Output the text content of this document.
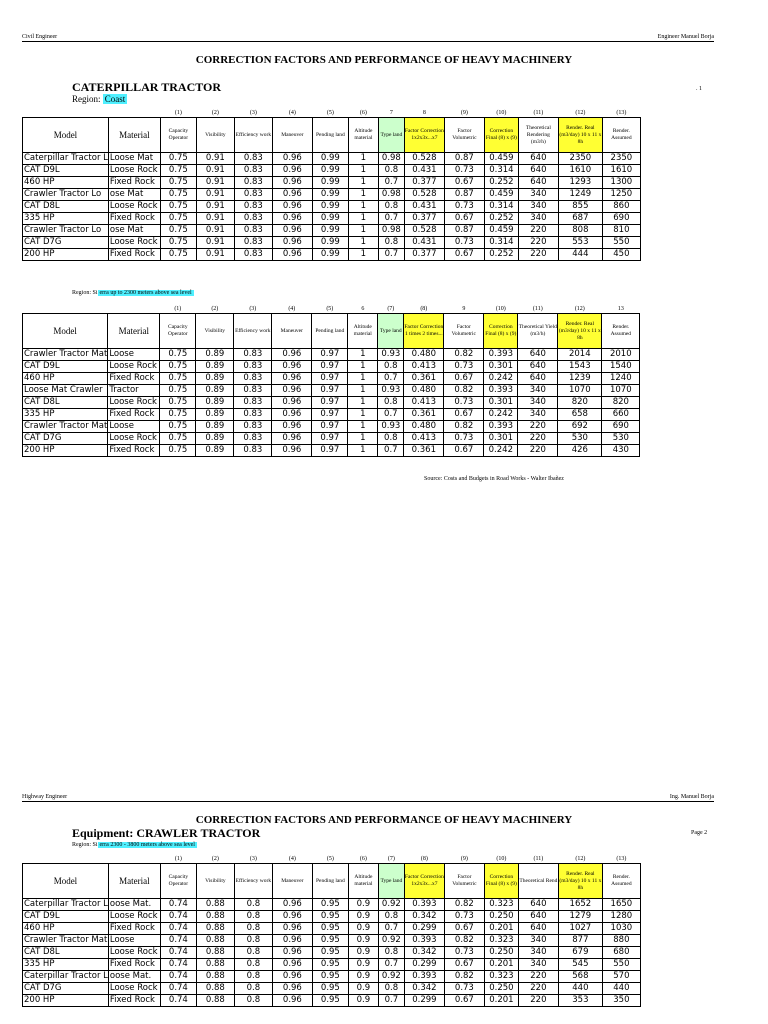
Civil Engineer	Engineer Manuel Borja
CORRECTION FACTORS AND PERFORMANCE OF HEAVY MACHINERY
CATERPILLAR TRACTOR	. 1
Region: Coast
		(1)	(2)	(3)	(4)	(5)	(6)	7	8	(9)	(10)	(11)	(12)	(13)
Model	Material	Capacity Operator	Visibility	Efficiency work	Maneuver	Pending land	Altitude material	Type land	Factor Correction 1x2x3x...x7	Factor Volumetric	Correction Final (8) x (9)	Theoretical Rendering (m3/h)	Render. Real (m3/day) 10 x 11 x 8h	Render. Assumed
Caterpillar Tractor L	Loose Mat	0.75	0.91	0.83	0.96	0.99	1	0.98	0.528	0.87	0.459	640	2350	2350
CAT D9L	Loose Rock	0.75	0.91	0.83	0.96	0.99	1	0.8	0.431	0.73	0.314	640	1610	1610
460 HP	Fixed Rock	0.75	0.91	0.83	0.96	0.99	1	0.7	0.377	0.67	0.252	640	1293	1300
Crawler Tractor Lo	ose Mat	0.75	0.91	0.83	0.96	0.99	1	0.98	0.528	0.87	0.459	340	1249	1250
CAT D8L	Loose Rock	0.75	0.91	0.83	0.96	0.99	1	0.8	0.431	0.73	0.314	340	855	860
335 HP	Fixed Rock	0.75	0.91	0.83	0.96	0.99	1	0.7	0.377	0.67	0.252	340	687	690
Crawler Tractor Lo	ose Mat	0.75	0.91	0.83	0.96	0.99	1	0.98	0.528	0.87	0.459	220	808	810
CAT D7G	Loose Rock	0.75	0.91	0.83	0.96	0.99	1	0.8	0.431	0.73	0.314	220	553	550
200 HP	Fixed Rock	0.75	0.91	0.83	0.96	0.99	1	0.7	0.377	0.67	0.252	220	444	450
Region: Si erra up to 2300 meters above sea level
		(1)	(2)	(3)	(4)	(5)	6	(7)	(8)	9	(10)	(11)	(12)	13
Model	Material	Capacity Operator	Visibility	Efficiency work	Maneuver	Pending land	Altitude material	Type land	Factor Correction 1 times 2 times...	Factor Volumetric	Correction Final (8) x (9)	Theoretical Yield (m3/h)	Render. Real (m3/day) 10 x 11 x 8h	Render. Assumed
Crawler Tractor Mat	Loose	0.75	0.89	0.83	0.96	0.97	1	0.93	0.480	0.82	0.393	640	2014	2010
CAT D9L	Loose Rock	0.75	0.89	0.83	0.96	0.97	1	0.8	0.413	0.73	0.301	640	1543	1540
460 HP	Fixed Rock	0.75	0.89	0.83	0.96	0.97	1	0.7	0.361	0.67	0.242	640	1239	1240
Loose Mat Crawler	Tractor	0.75	0.89	0.83	0.96	0.97	1	0.93	0.480	0.82	0.393	340	1070	1070
CAT D8L	Loose Rock	0.75	0.89	0.83	0.96	0.97	1	0.8	0.413	0.73	0.301	340	820	820
335 HP	Fixed Rock	0.75	0.89	0.83	0.96	0.97	1	0.7	0.361	0.67	0.242	340	658	660
Crawler Tractor Mat	Loose	0.75	0.89	0.83	0.96	0.97	1	0.93	0.480	0.82	0.393	220	692	690
CAT D7G	Loose Rock	0.75	0.89	0.83	0.96	0.97	1	0.8	0.413	0.73	0.301	220	530	530
200 HP	Fixed Rock	0.75	0.89	0.83	0.96	0.97	1	0.7	0.361	0.67	0.242	220	426	430
Source: Costs and Budgets in Road Works - Walter Ibañez
Highway Engineer	Ing. Manuel Borja
CORRECTION FACTORS AND PERFORMANCE OF HEAVY MACHINERY
Equipment: CRAWLER TRACTOR	Page 2
Region: Si erra 2300 - 3800 meters above sea level
		(1)	(2)	(3)	(4)	(5)	(6)	(7)	(8)	(9)	(10)	(11)	(12)	(13)
Model	Material	Capacity Operator	Visibility	Efficiency work	Maneuver	Pending land	Altitude material	Type land	Factor Correction 1x2x3x...x7	Factor Volumetric	Correction Final (8) x (9)	Theoretical Rend	Render. Real (m3/day) 10 x 11 x 8h	Render. Assumed
Caterpillar Tractor L	oose Mat.	0.74	0.88	0.8	0.96	0.95	0.9	0.92	0.393	0.82	0.323	640	1652	1650
CAT D9L	Loose Rock	0.74	0.88	0.8	0.96	0.95	0.9	0.8	0.342	0.73	0.250	640	1279	1280
460 HP	Fixed Rock	0.74	0.88	0.8	0.96	0.95	0.9	0.7	0.299	0.67	0.201	640	1027	1030
Crawler Tractor Mat	Loose	0.74	0.88	0.8	0.96	0.95	0.9	0.92	0.393	0.82	0.323	340	877	880
CAT D8L	Loose Rock	0.74	0.88	0.8	0.96	0.95	0.9	0.8	0.342	0.73	0.250	340	679	680
335 HP	Fixed Rock	0.74	0.88	0.8	0.96	0.95	0.9	0.7	0.299	0.67	0.201	340	545	550
Caterpillar Tractor L	oose Mat.	0.74	0.88	0.8	0.96	0.95	0.9	0.92	0.393	0.82	0.323	220	568	570
CAT D7G	Loose Rock	0.74	0.88	0.8	0.96	0.95	0.9	0.8	0.342	0.73	0.250	220	440	440
200 HP	Fixed Rock	0.74	0.88	0.8	0.96	0.95	0.9	0.7	0.299	0.67	0.201	220	353	350
